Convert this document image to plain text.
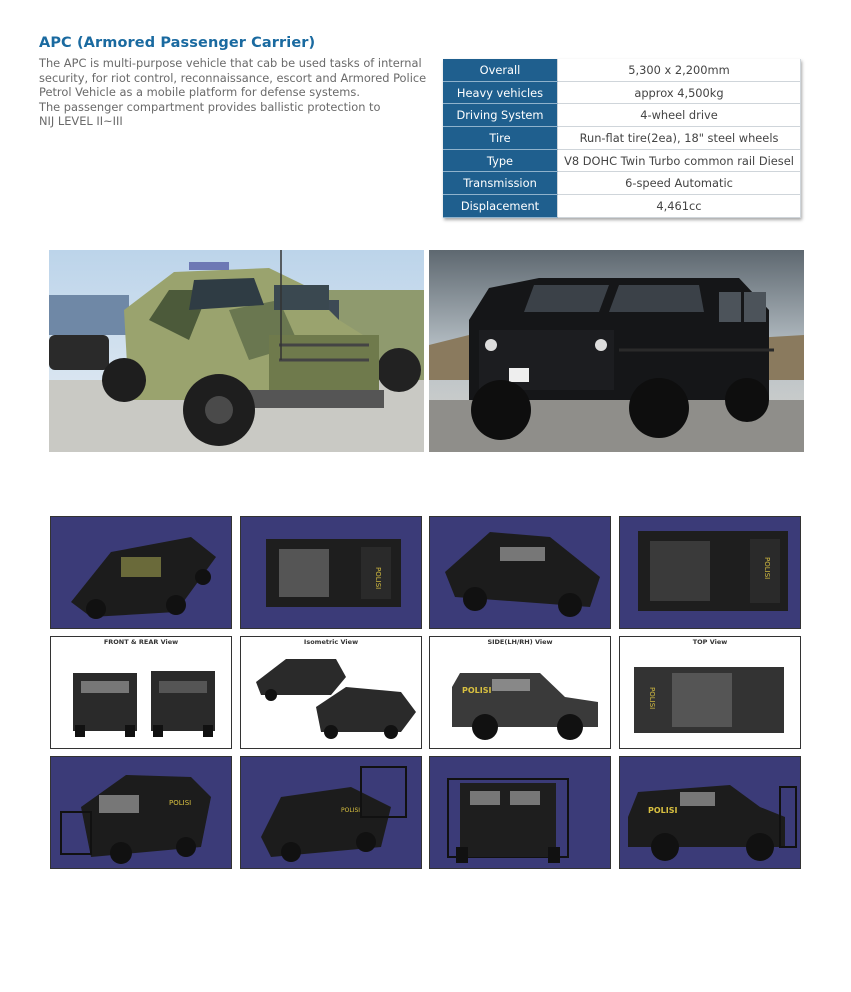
APC (Armored Passenger Carrier)
The APC is multi-purpose vehicle that cab be used tasks of internal
security, for riot control, reconnaissance, escort and Armored Police
Petrol Vehicle as a mobile platform for defense systems.
The passenger compartment provides ballistic protection to
NIJ LEVEL II~III
Overall	5,300 x 2,200mm
Heavy vehicles	approx 4,500kg
Driving System	4-wheel drive
Tire	Run-flat tire(2ea), 18" steel wheels
Type	V8 DOHC Twin Turbo common rail Diesel
Transmission	6-speed Automatic
Displacement	4,461cc
POLISI	POLISI
FRONT & REAR View	Isometric View	SIDE(LH/RH) View
POLISI
TOP View
POLISI
POLISI
POLISI	POLISI
